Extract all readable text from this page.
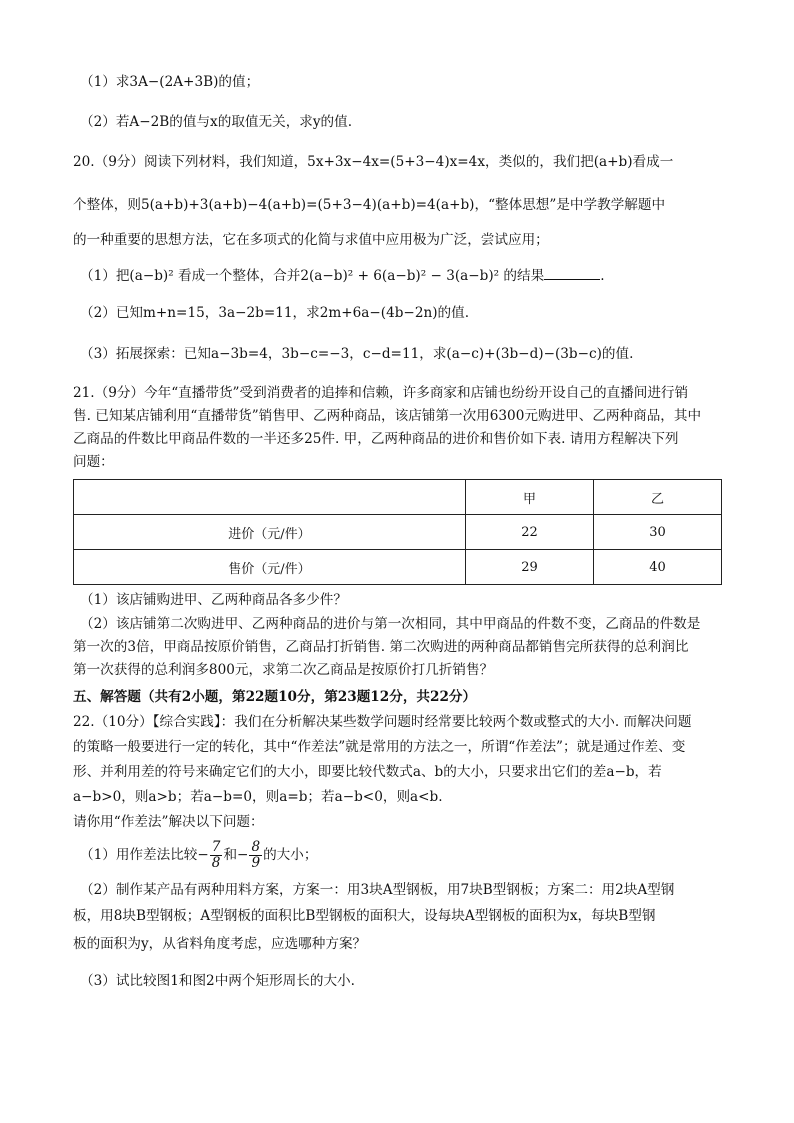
（1）求3A−(2A+3B)的值；
（2）若A−2B的值与x的取值无关，求y的值.
20.（9分）阅读下列材料，我们知道，5x+3x−4x=(5+3−4)x=4x，类似的，我们把(a+b)看成一
个整体，则5(a+b)+3(a+b)−4(a+b)=(5+3−4)(a+b)=4(a+b)，“整体思想”是中学教学解题中
的一种重要的思想方法，它在多项式的化简与求值中应用极为广泛，尝试应用；
（1）把(a−b)² 看成一个整体，合并2(a−b)² + 6(a−b)² − 3(a−b)² 的结果	.
（2）已知m+n=15，3a−2b=11，求2m+6a−(4b−2n)的值.
（3）拓展探索：已知a−3b=4，3b−c=−3，c−d=11，求(a−c)+(3b−d)−(3b−c)的值.
21.（9分）今年“直播带货”受到消费者的追捧和信赖，许多商家和店铺也纷纷开设自己的直播间进行销
售. 已知某店铺利用“直播带货”销售甲、乙两种商品，该店铺第一次用6300元购进甲、乙两种商品，其中
乙商品的件数比甲商品件数的一半还多25件. 甲，乙两种商品的进价和售价如下表. 请用方程解决下列
问题：
	甲	乙
进价（元/件）	22	30
售价（元/件）	29	40
（1）该店铺购进甲、乙两种商品各多少件？
（2）该店铺第二次购进甲、乙两种商品的进价与第一次相同，其中甲商品的件数不变，乙商品的件数是
第一次的3倍，甲商品按原价销售，乙商品打折销售. 第二次购进的两种商品都销售完所获得的总利润比
第一次获得的总利润多800元，求第二次乙商品是按原价打几折销售？
五、解答题（共有2小题，第22题10分，第23题12分，共22分）
22.（10分）【综合实践】：我们在分析解决某些数学问题时经常要比较两个数或整式的大小. 而解决问题
的策略一般要进行一定的转化，其中“作差法”就是常用的方法之一，所谓“作差法”；就是通过作差、变
形、并利用差的符号来确定它们的大小，即要比较代数式a、b的大小，只要求出它们的差a−b，若
a−b>0，则a>b；若a−b=0，则a=b；若a−b<0，则a<b.
请你用“作差法”解决以下问题：
（1）用作差法比较− $\frac{7}{8}$ 和− $\frac{8}{9}$ 的大小；
（2）制作某产品有两种用料方案，方案一：用3块A型钢板，用7块B型钢板；方案二：用2块A型钢
板，用8块B型钢板；A型钢板的面积比B型钢板的面积大，设每块A型钢板的面积为x，每块B型钢
板的面积为y，从省料角度考虑，应选哪种方案？
（3）试比较图1和图2中两个矩形周长的大小.
